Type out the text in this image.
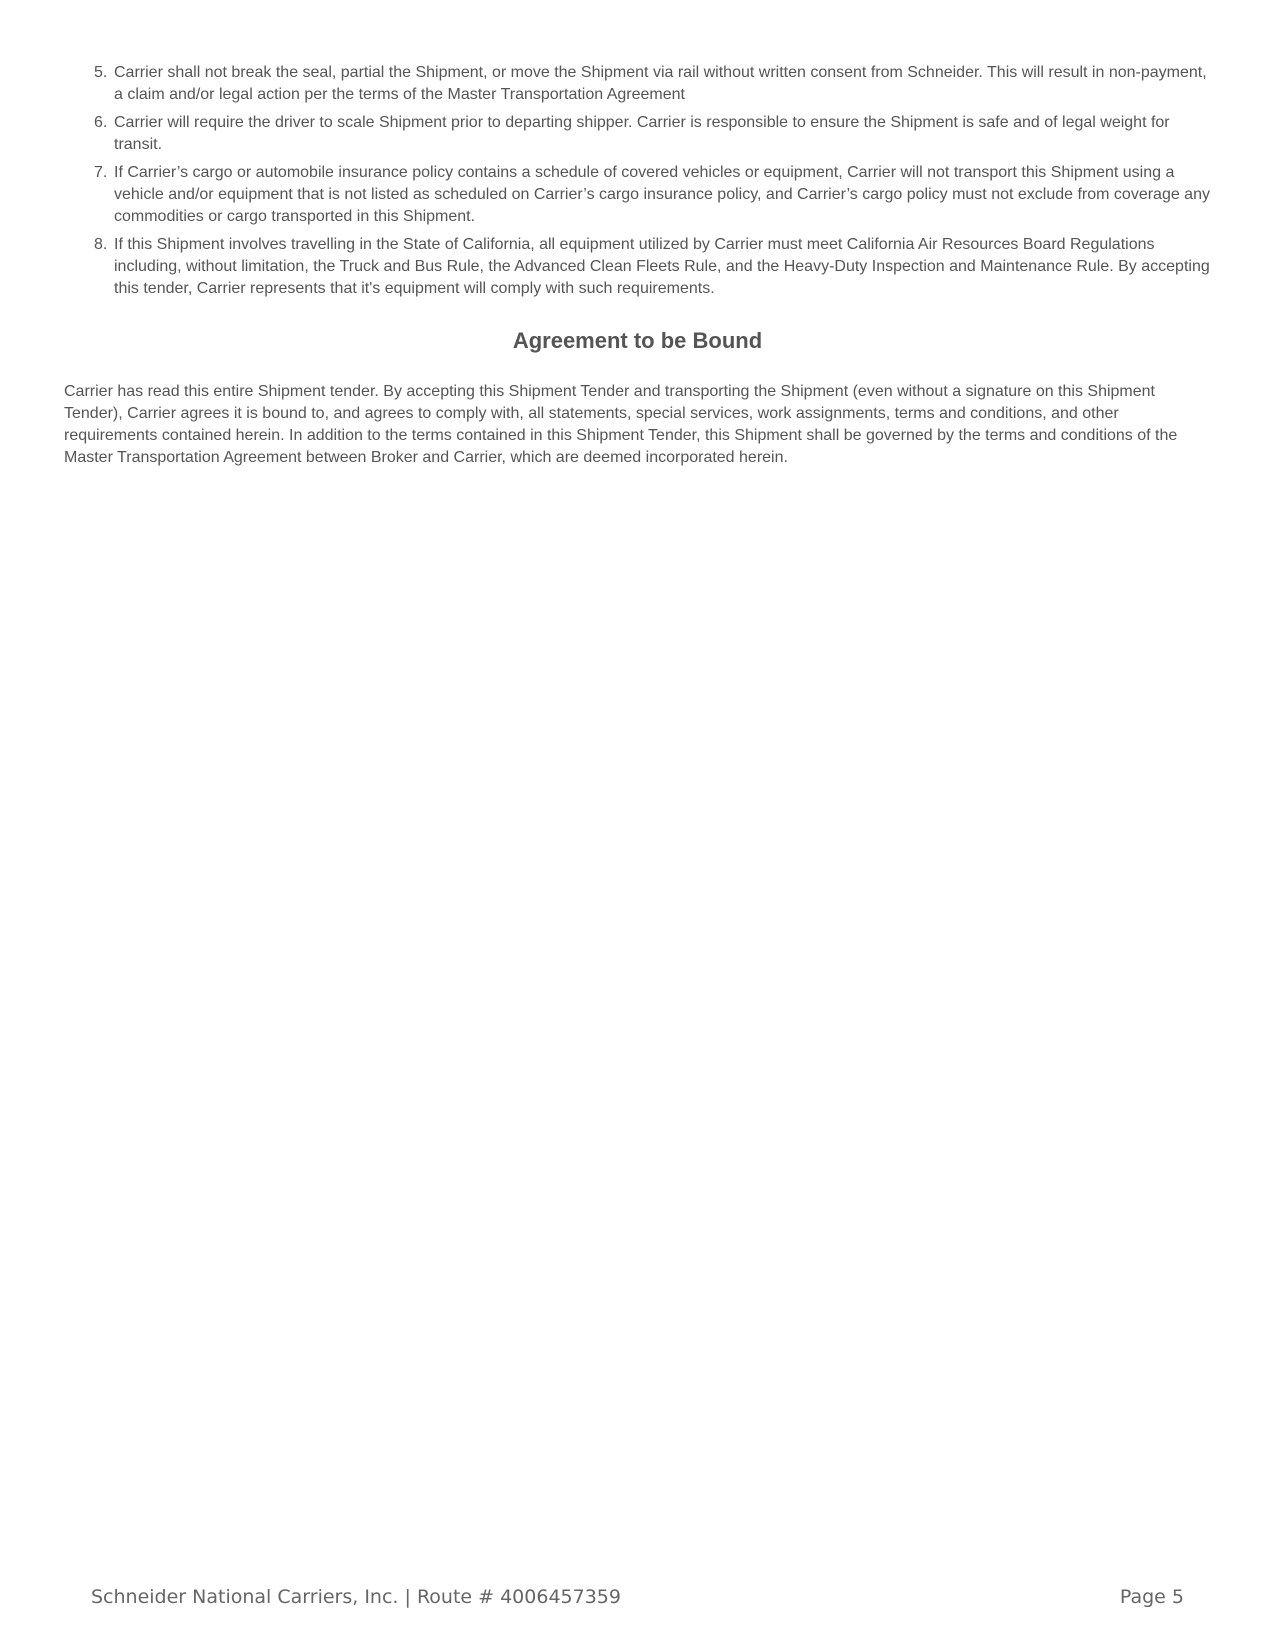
5. Carrier shall not break the seal, partial the Shipment, or move the Shipment via rail without written consent from Schneider. This will result in non-payment, a claim and/or legal action per the terms of the Master Transportation Agreement
6. Carrier will require the driver to scale Shipment prior to departing shipper. Carrier is responsible to ensure the Shipment is safe and of legal weight for transit.
7. If Carrier’s cargo or automobile insurance policy contains a schedule of covered vehicles or equipment, Carrier will not transport this Shipment using a vehicle and/or equipment that is not listed as scheduled on Carrier’s cargo insurance policy, and Carrier’s cargo policy must not exclude from coverage any commodities or cargo transported in this Shipment.
8. If this Shipment involves travelling in the State of California, all equipment utilized by Carrier must meet California Air Resources Board Regulations including, without limitation, the Truck and Bus Rule, the Advanced Clean Fleets Rule, and the Heavy-Duty Inspection and Maintenance Rule. By accepting this tender, Carrier represents that it's equipment will comply with such requirements.
Agreement to be Bound

Carrier has read this entire Shipment tender. By accepting this Shipment Tender and transporting the Shipment (even without a signature on this Shipment Tender), Carrier agrees it is bound to, and agrees to comply with, all statements, special services, work assignments, terms and conditions, and other requirements contained herein. In addition to the terms contained in this Shipment Tender, this Shipment shall be governed by the terms and conditions of the Master Transportation Agreement between Broker and Carrier, which are deemed incorporated herein.

Schneider National Carriers, Inc. | Route # 4006457359	Page 5
